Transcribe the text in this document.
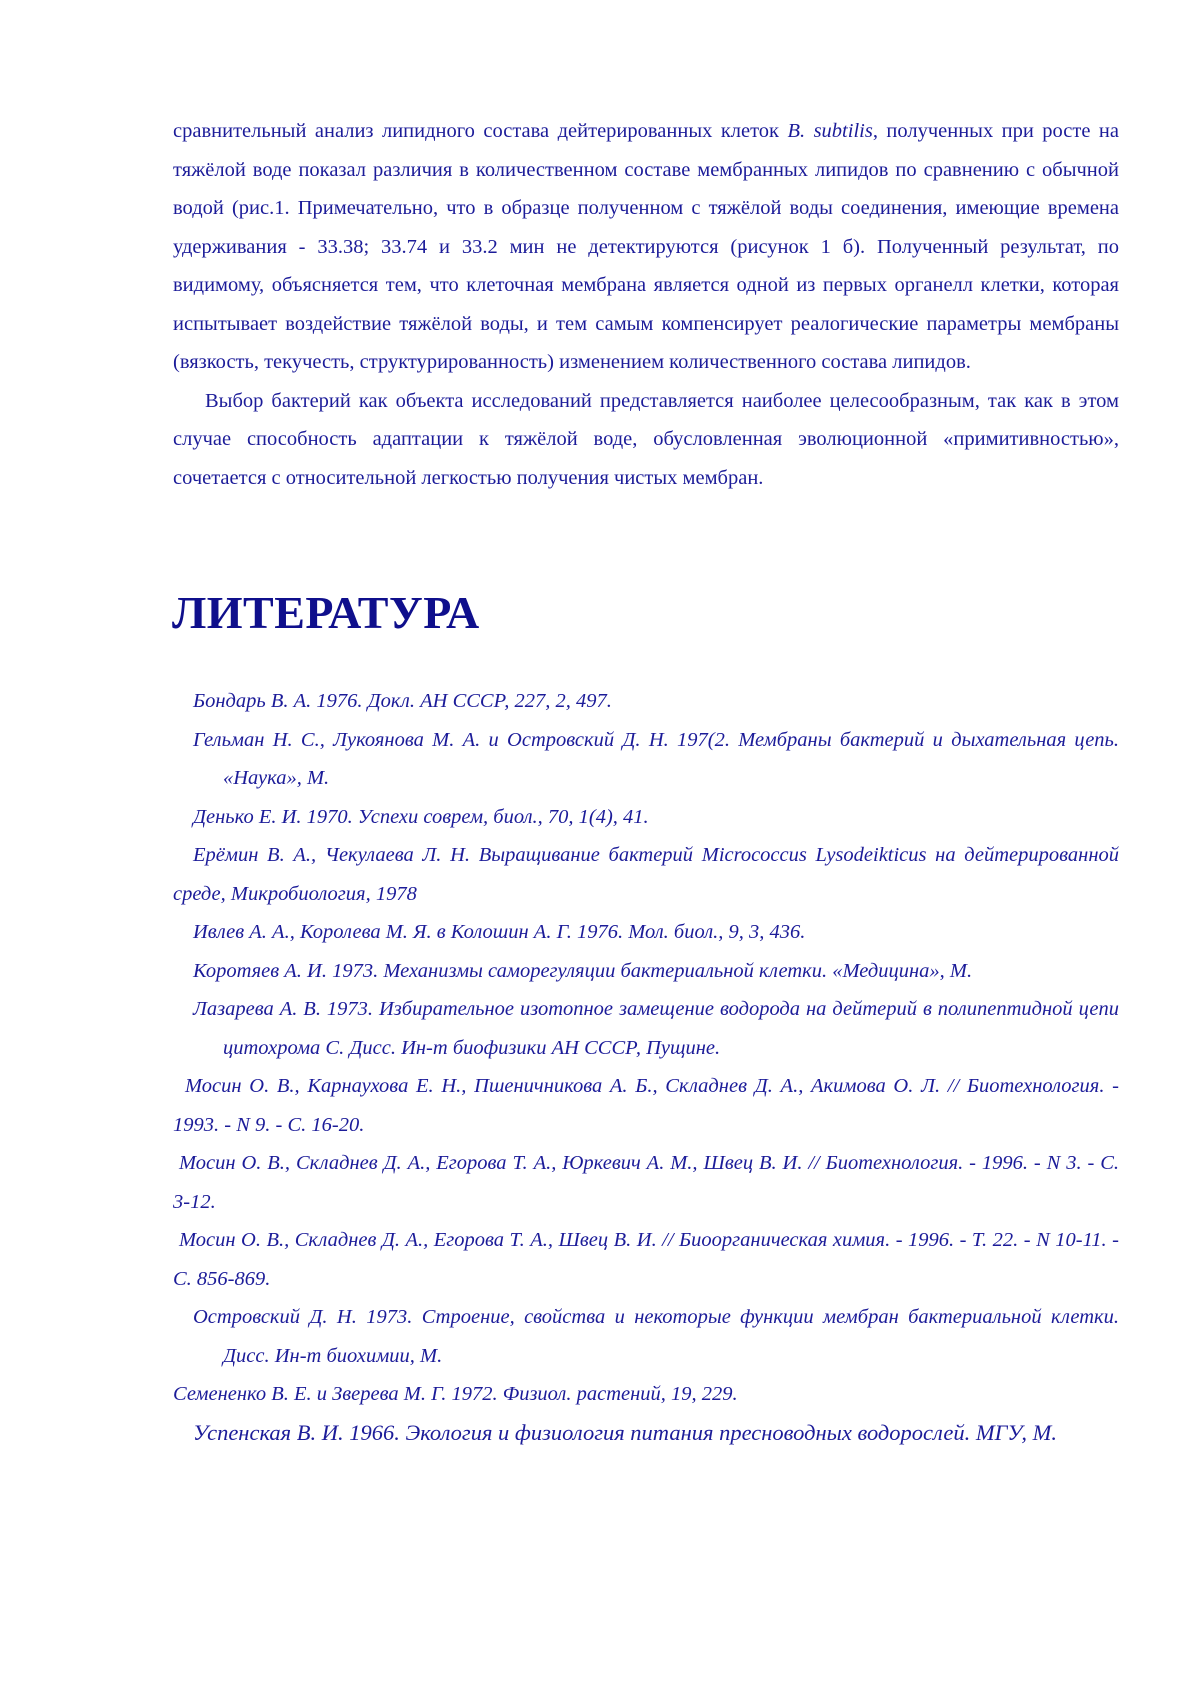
сравнительный анализ липидного состава дейтерированных клеток B. subtilis, полученных при росте на тяжёлой воде показал различия в количественном составе мембранных липидов по сравнению с обычной водой (рис.1. Примечательно, что в образце полученном с тяжёлой воды соединения, имеющие времена удерживания - 33.38; 33.74 и 33.2 мин не детектируются (рисунок 1 б). Полученный результат, по видимому, объясняется тем, что клеточная мембрана является одной из первых органелл клетки, которая испытывает воздействие тяжёлой воды, и тем самым компенсирует реалогические параметры мембраны (вязкость, текучесть, структурированность) изменением количественного состава липидов.

Выбор бактерий как объекта исследований представляется наиболее целесообразным, так как в этом случае способность адаптации к тяжёлой воде, обусловленная эволюционной «примитивностью», сочетается с относительной легкостью получения чистых мембран.

ЛИТЕРАТУРА
Бондарь В. А. 1976. Докл. АН СССР, 227, 2, 497.
Гельман Н. С., Лукоянова М. А. и Островский Д. Н. 197(2. Мембраны бактерий и дыхательная цепь. «Наука», М.
Денько Е. И. 1970. Успехи соврем, биол., 70, 1(4), 41.
Ерёмин В. А., Чекулаева Л. Н. Выращивание бактерий Micrococcus Lysodeikticus на дейтерированной среде, Микробиология, 1978
Ивлев А. А., Королева М. Я. в Колошин А. Г. 1976. Мол. биол., 9, 3, 436.
Коротяев А. И. 1973. Механизмы саморегуляции бактериальной клетки. «Медицина», М.
Лазарева А. В. 1973. Избирательное изотопное замещение водорода на дейтерий в полипептидной цепи цитохрома С. Дисс. Ин-т биофизики АН СССР, Пущине.
Мосин О. В., Карнаухова Е. Н., Пшеничникова А. Б., Складнев Д. А., Акимова О. Л. // Биотехнология. - 1993. - N 9. - С. 16-20.
Мосин О. В., Складнев Д. А., Егорова Т. А., Юркевич А. М., Швец В. И. // Биотехнология. - 1996. - N 3. - С. 3-12.
Мосин О. В., Складнев Д. А., Егорова Т. А., Швец В. И. // Биоорганическая химия. - 1996. - Т. 22. - N 10-11. - С. 856-869.
Островский Д. Н. 1973. Строение, свойства и некоторые функции мембран бактериальной клетки. Дисс. Ин-т биохимии, М.
Семененко В. Е. и Зверева М. Г. 1972. Физиол. растений, 19, 229.
Успенская В. И. 1966. Экология и физиология питания пресноводных водорослей. МГУ, М.
